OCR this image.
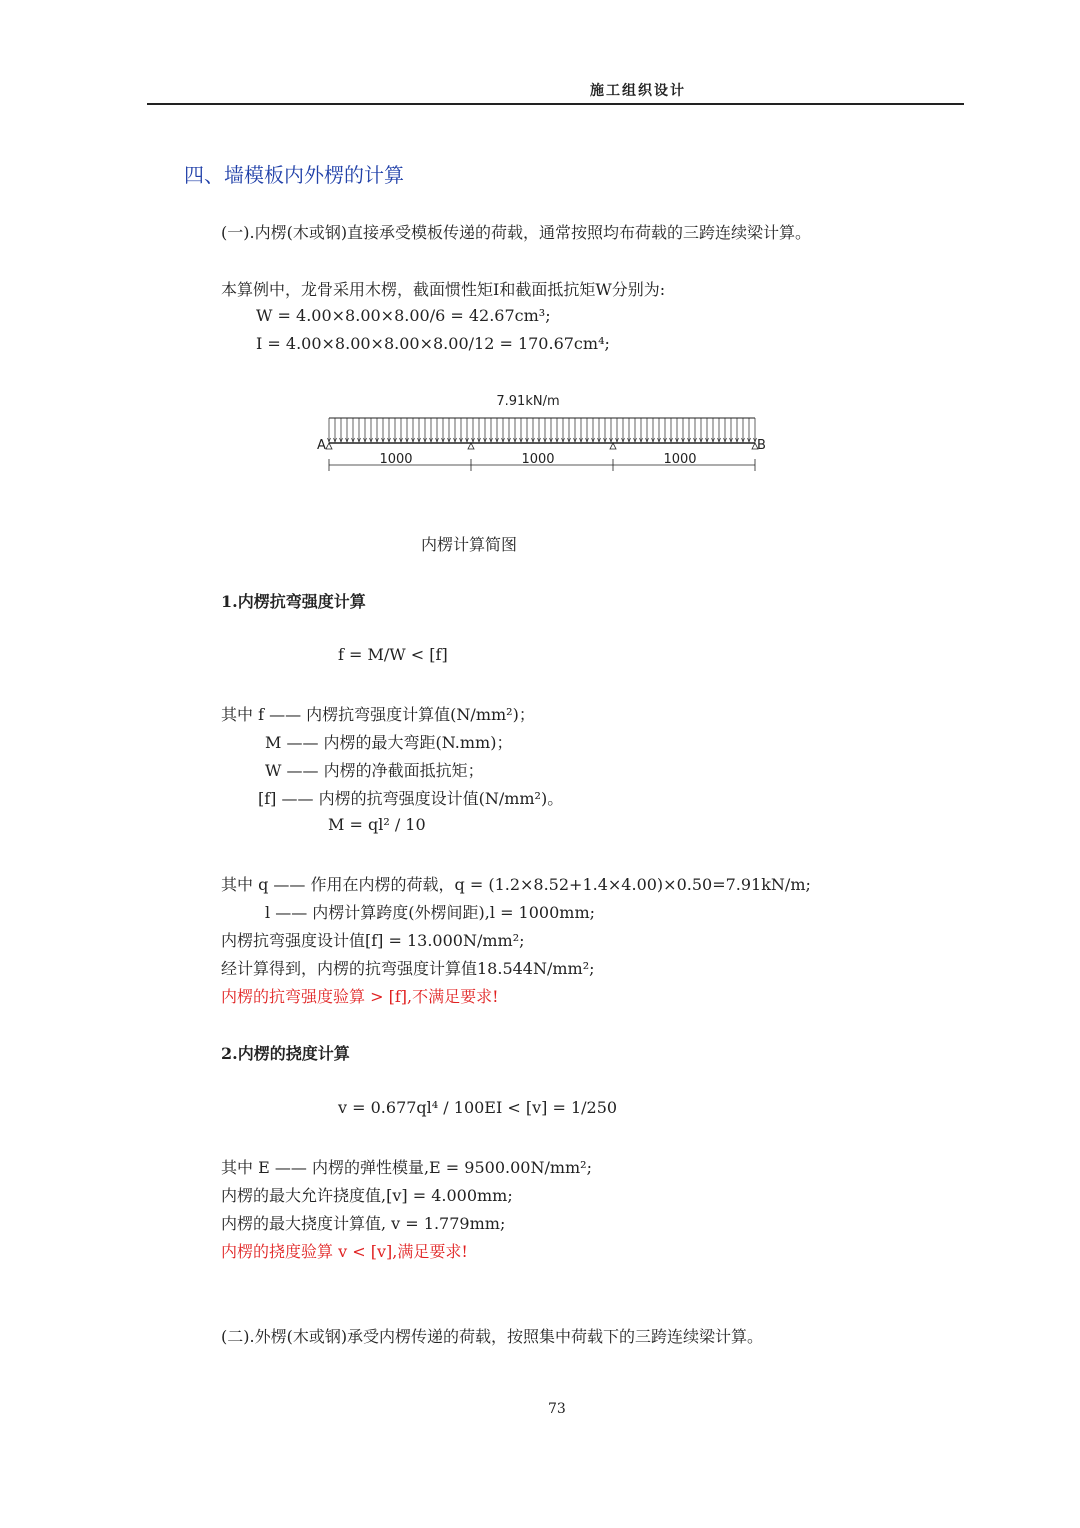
施工组织设计
四、墙模板内外楞的计算
(一).内楞(木或钢)直接承受模板传递的荷载，通常按照均布荷载的三跨连续梁计算。
本算例中，龙骨采用木楞，截面惯性矩I和截面抵抗矩W分别为:
W = 4.00×8.00×8.00/6 = 42.67cm³;
I = 4.00×8.00×8.00×8.00/12 = 170.67cm⁴;
7.91kN/m
A	B
1000	1000	1000
内楞计算简图
1.内楞抗弯强度计算
f = M/W < [f]
其中 f —— 内楞抗弯强度计算值(N/mm²)；
M —— 内楞的最大弯距(N.mm)；
W —— 内楞的净截面抵抗矩；
[f] —— 内楞的抗弯强度设计值(N/mm²)。
M = ql² / 10
其中 q —— 作用在内楞的荷载，q = (1.2×8.52+1.4×4.00)×0.50=7.91kN/m;
l —— 内楞计算跨度(外楞间距),l = 1000mm;
内楞抗弯强度设计值[f] = 13.000N/mm²;
经计算得到，内楞的抗弯强度计算值18.544N/mm²;
内楞的抗弯强度验算 > [f],不满足要求!
2.内楞的挠度计算
v = 0.677ql⁴ / 100EI < [v] = 1/250
其中 E —— 内楞的弹性模量,E = 9500.00N/mm²;
内楞的最大允许挠度值,[v] = 4.000mm;
内楞的最大挠度计算值, v = 1.779mm;
内楞的挠度验算 v < [v],满足要求!
(二).外楞(木或钢)承受内楞传递的荷载，按照集中荷载下的三跨连续梁计算。
73
